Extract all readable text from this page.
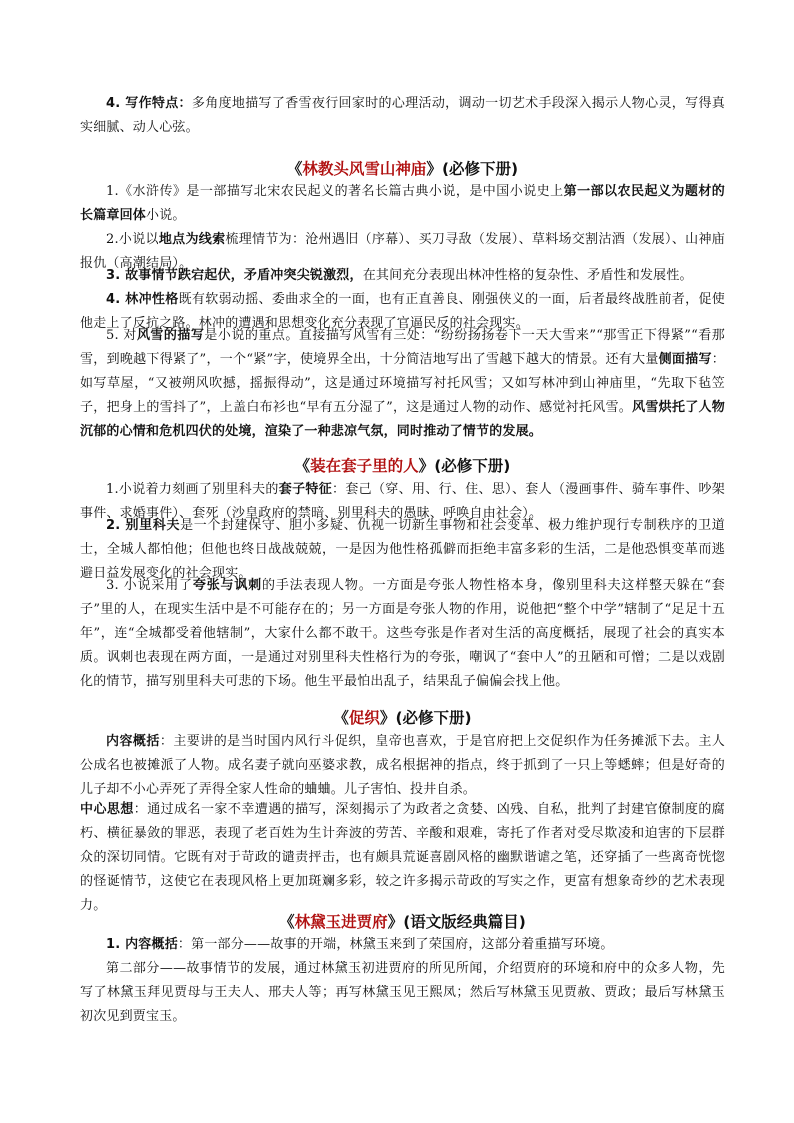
4. 写作特点：多角度地描写了香雪夜行回家时的心理活动，调动一切艺术手段深入揭示人物心灵，写得真实细腻、动人心弦。

《林教头风雪山神庙》(必修下册)

1.《水浒传》是一部描写北宋农民起义的著名长篇古典小说，是中国小说史上第一部以农民起义为题材的长篇章回体小说。

2.小说以地点为线索梳理情节为：沧州遇旧（序幕）、买刀寻敌（发展）、草料场交割沽酒（发展）、山神庙报仇（高潮结局）。

3. 故事情节跌宕起伏，矛盾冲突尖锐激烈，在其间充分表现出林冲性格的复杂性、矛盾性和发展性。

4. 林冲性格既有软弱动摇、委曲求全的一面，也有正直善良、刚强侠义的一面，后者最终战胜前者，促使他走上了反抗之路。林冲的遭遇和思想变化充分表现了官逼民反的社会现实。

5. 对风雪的描写是小说的重点。直接描写风雪有三处：“纷纷扬扬卷下一天大雪来”“那雪正下得紧”“看那雪，到晚越下得紧了”，一个“紧”字，使境界全出，十分简洁地写出了雪越下越大的情景。还有大量侧面描写：如写草屋，“又被朔风吹撼，摇振得动”，这是通过环境描写衬托风雪；又如写林冲到山神庙里，“先取下毡笠子，把身上的雪抖了”，上盖白布衫也“早有五分湿了”，这是通过人物的动作、感觉衬托风雪。风雪烘托了人物沉郁的心情和危机四伏的处境，渲染了一种悲凉气氛，同时推动了情节的发展。

《装在套子里的人》(必修下册)

1.小说着力刻画了别里科夫的套子特征：套己（穿、用、行、住、思）、套人（漫画事件、骑车事件、吵架事件、求婚事件）、套死（沙皇政府的禁暗、别里科夫的愚昧、呼唤自由社会）。

2. 别里科夫是一个封建保守、胆小多疑、仇视一切新生事物和社会变革、极力维护现行专制秩序的卫道士，全城人都怕他；但他也终日战战兢兢，一是因为他性格孤僻而拒绝丰富多彩的生活，二是他恐惧变革而逃避日益发展变化的社会现实。

3. 小说采用了夸张与讽刺的手法表现人物。一方面是夸张人物性格本身，像别里科夫这样整天躲在“套子”里的人，在现实生活中是不可能存在的；另一方面是夸张人物的作用，说他把“整个中学”辖制了“足足十五年”，连“全城都受着他辖制”，大家什么都不敢干。这些夸张是作者对生活的高度概括，展现了社会的真实本质。讽刺也表现在两方面，一是通过对别里科夫性格行为的夸张，嘲讽了“套中人”的丑陋和可憎；二是以戏剧化的情节，描写别里科夫可悲的下场。他生平最怕出乱子，结果乱子偏偏会找上他。

《促织》(必修下册)

内容概括：主要讲的是当时国内风行斗促织，皇帝也喜欢，于是官府把上交促织作为任务摊派下去。主人公成名也被摊派了人物。成名妻子就向巫婆求教，成名根据神的指点，终于抓到了一只上等蟋蟀；但是好奇的儿子却不小心弄死了弄得全家人性命的蛐蛐。儿子害怕、投井自杀。

中心思想：通过成名一家不幸遭遇的描写，深刻揭示了为政者之贪婪、凶残、自私，批判了封建官僚制度的腐朽、横征暴敛的罪恶，表现了老百姓为生计奔波的劳苦、辛酸和艰难，寄托了作者对受尽欺凌和迫害的下层群众的深切同情。它既有对于苛政的谴责抨击，也有颇具荒诞喜剧风格的幽默谐谑之笔，还穿插了一些离奇恍惚的怪诞情节，这使它在表现风格上更加斑斓多彩，较之许多揭示苛政的写实之作，更富有想象奇纱的艺术表现力。

《林黛玉进贾府》(语文版经典篇目)

1. 内容概括：第一部分——故事的开端，林黛玉来到了荣国府，这部分着重描写环境。

第二部分——故事情节的发展，通过林黛玉初进贾府的所见所闻，介绍贾府的环境和府中的众多人物，先写了林黛玉拜见贾母与王夫人、邢夫人等；再写林黛玉见王熙凤；然后写林黛玉见贾赦、贾政；最后写林黛玉初次见到贾宝玉。
